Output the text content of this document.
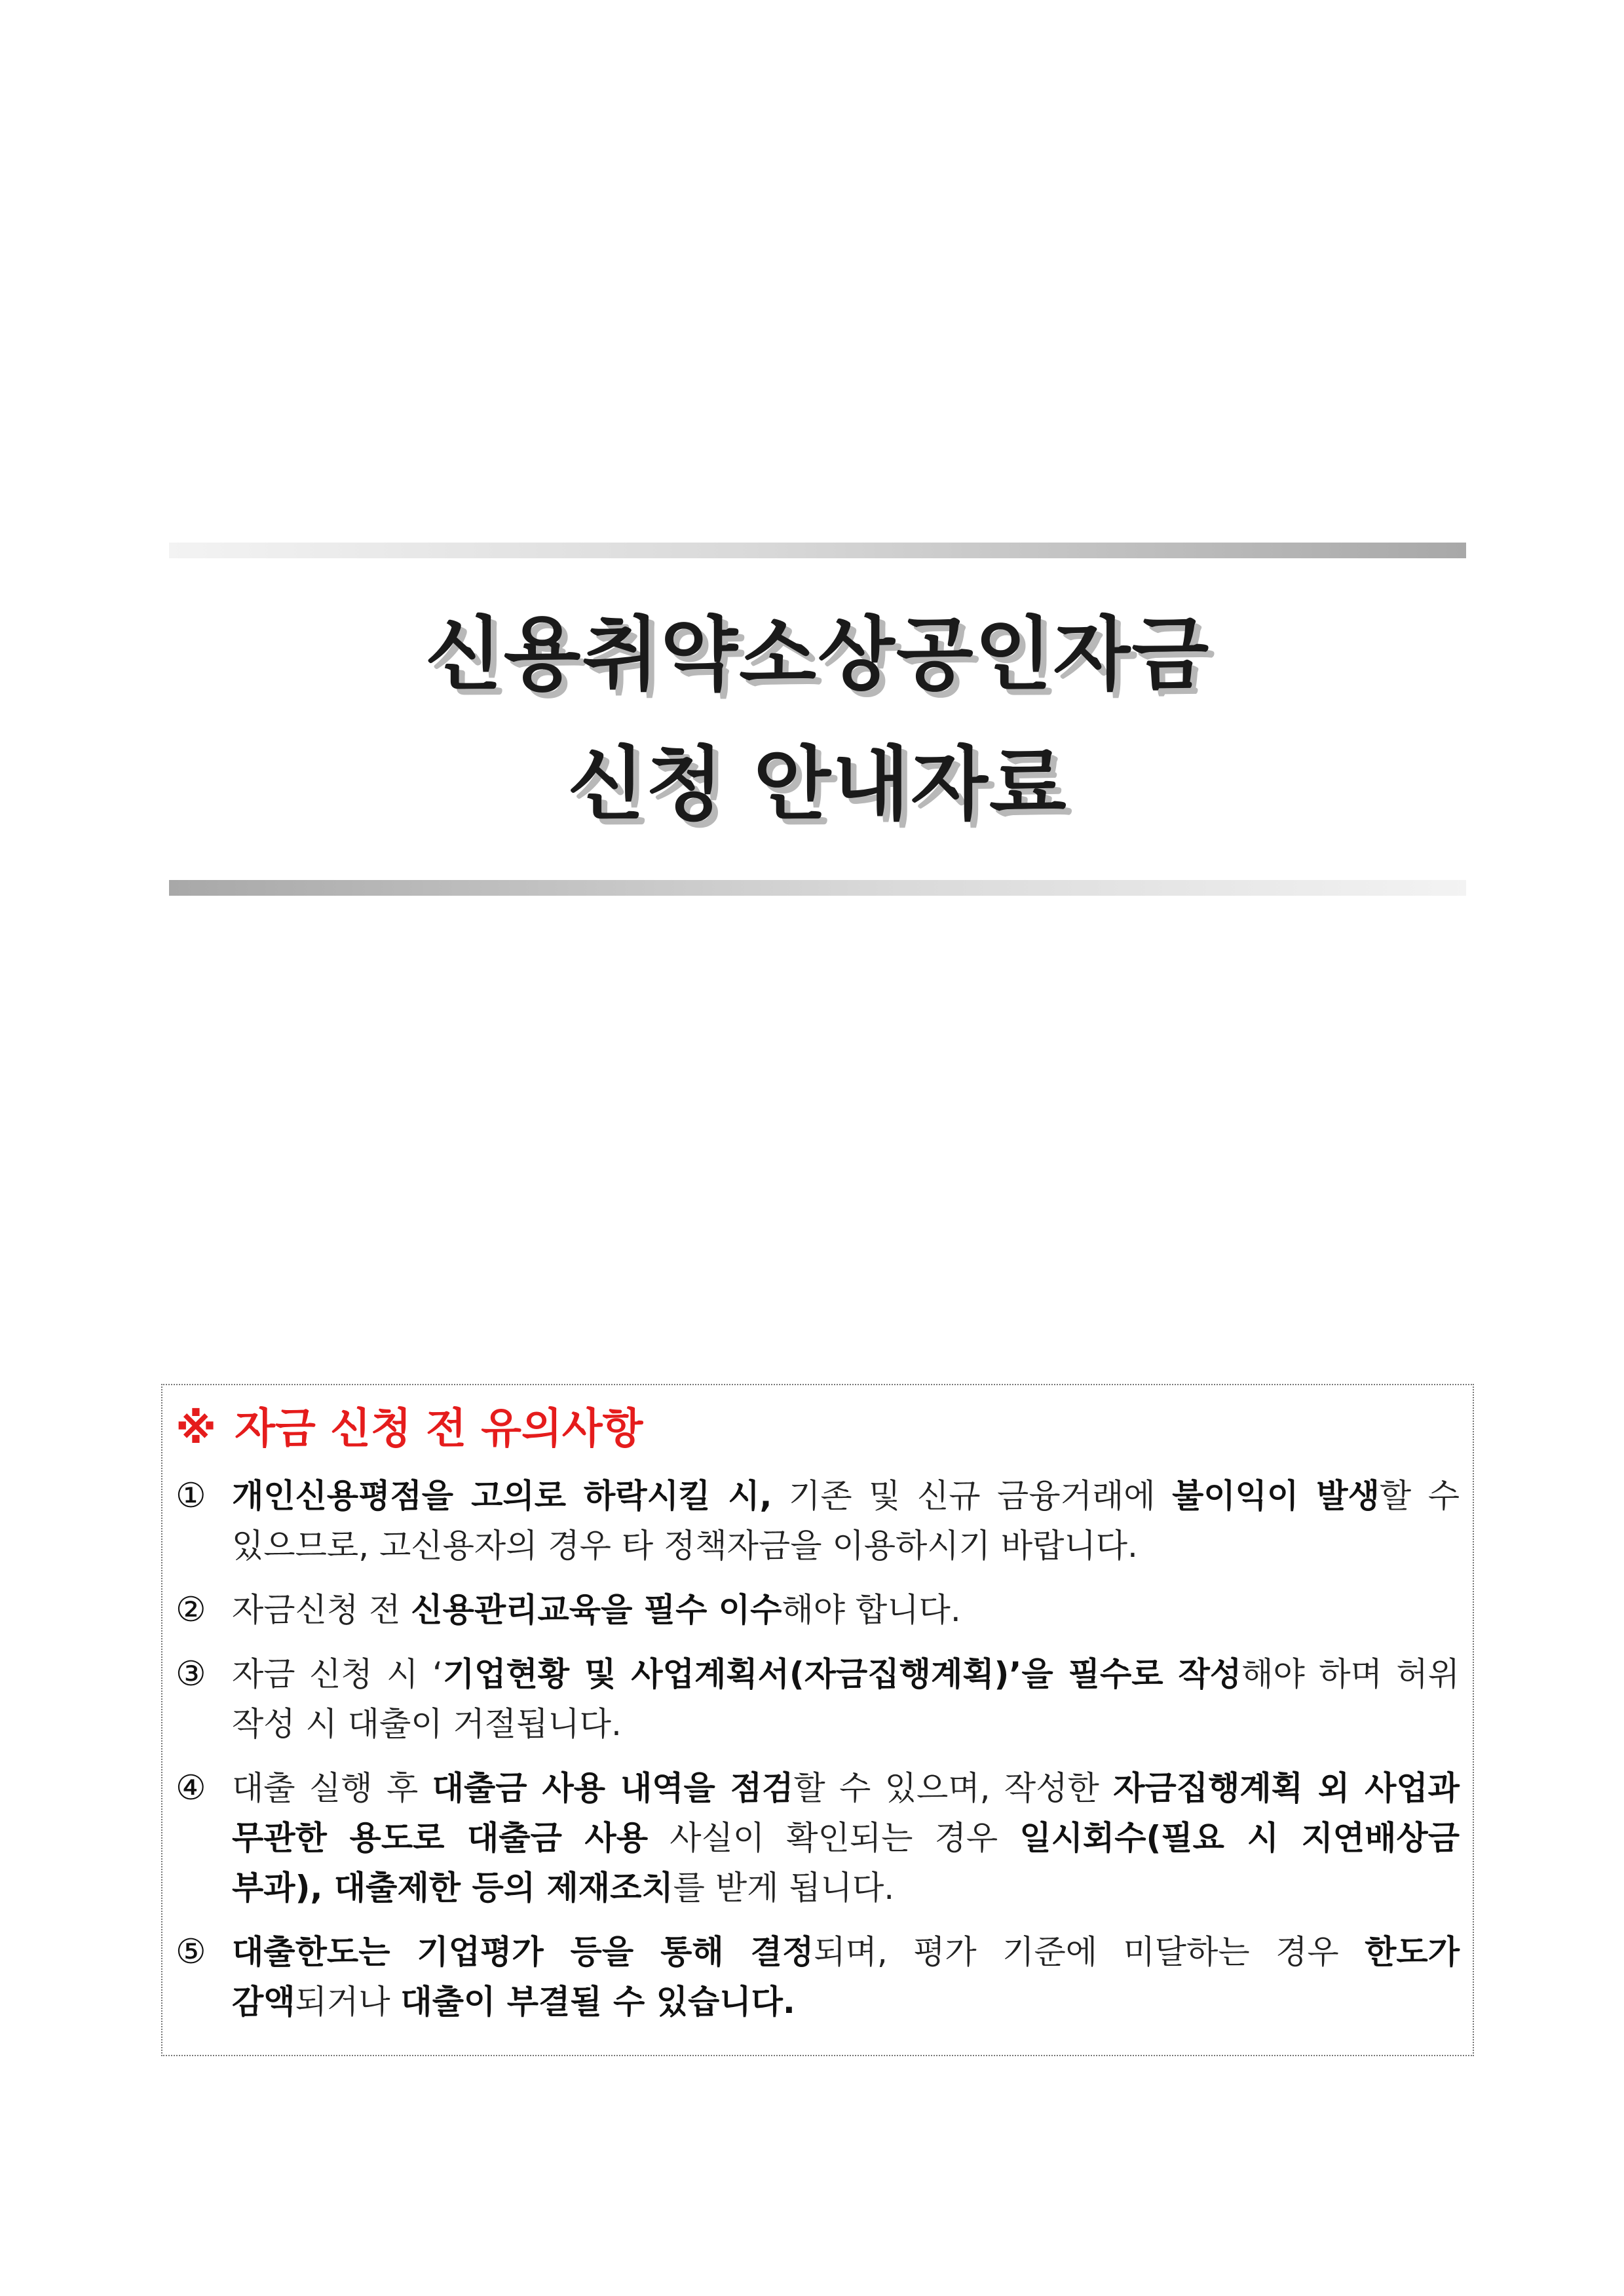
신용취약소상공인자금
신청 안내자료
※ 자금 신청 전 유의사항
① 개인신용평점을 고의로 하락시킬 시, 기존 및 신규 금융거래에 불이익이 발생할 수 있으므로, 고신용자의 경우 타 정책자금을 이용하시기 바랍니다.
② 자금신청 전 신용관리교육을 필수 이수해야 합니다.
③ 자금 신청 시 ‘기업현황 및 사업계획서(자금집행계획)’을 필수로 작성해야 하며 허위 작성 시 대출이 거절됩니다.
④ 대출 실행 후 대출금 사용 내역을 점검할 수 있으며, 작성한 자금집행계획 외 사업과 무관한 용도로 대출금 사용 사실이 확인되는 경우 일시회수(필요 시 지연배상금 부과), 대출제한 등의 제재조치를 받게 됩니다.
⑤ 대출한도는 기업평가 등을 통해 결정되며, 평가 기준에 미달하는 경우 한도가 감액되거나 대출이 부결될 수 있습니다.
